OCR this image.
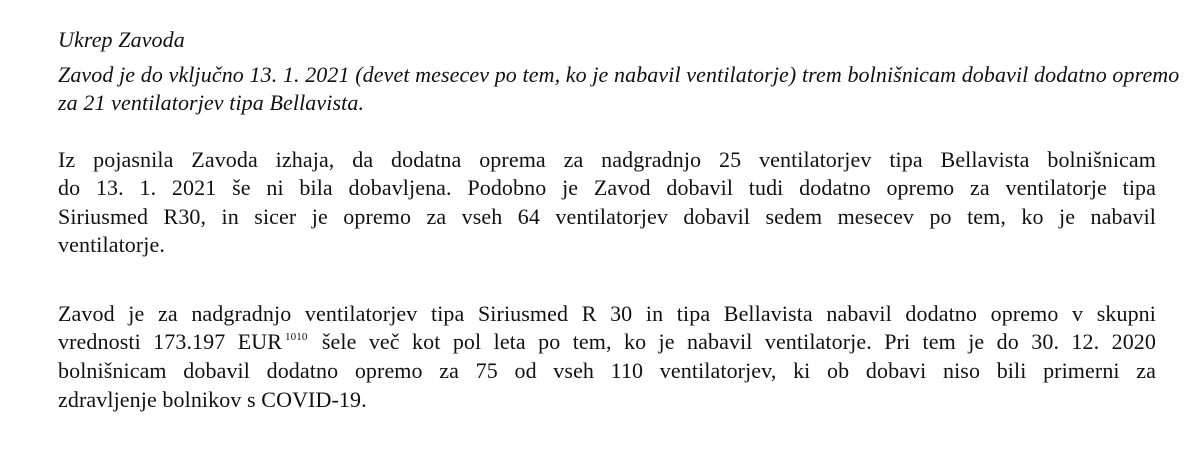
Ukrep Zavoda
Zavod je do vključno 13. 1. 2021 (devet mesecev po tem, ko je nabavil ventilatorje) trem bolnišnicam dobavil dodatno opremo
za 21 ventilatorjev tipa Bellavista.
Iz pojasnila Zavoda izhaja, da dodatna oprema za nadgradnjo 25 ventilatorjev tipa Bellavista bolnišnicam
do 13. 1. 2021 še ni bila dobavljena. Podobno je Zavod dobavil tudi dodatno opremo za ventilatorje tipa
Siriusmed R30, in sicer je opremo za vseh 64 ventilatorjev dobavil sedem mesecev po tem, ko je nabavil
ventilatorje.
Zavod je za nadgradnjo ventilatorjev tipa Siriusmed R 30 in tipa Bellavista nabavil dodatno opremo v skupni
vrednosti 173.197 EUR $^{1010}$ šele več kot pol leta po tem, ko je nabavil ventilatorje. Pri tem je do 30. 12. 2020
bolnišnicam dobavil dodatno opremo za 75 od vseh 110 ventilatorjev, ki ob dobavi niso bili primerni za
zdravljenje bolnikov s COVID-19.
